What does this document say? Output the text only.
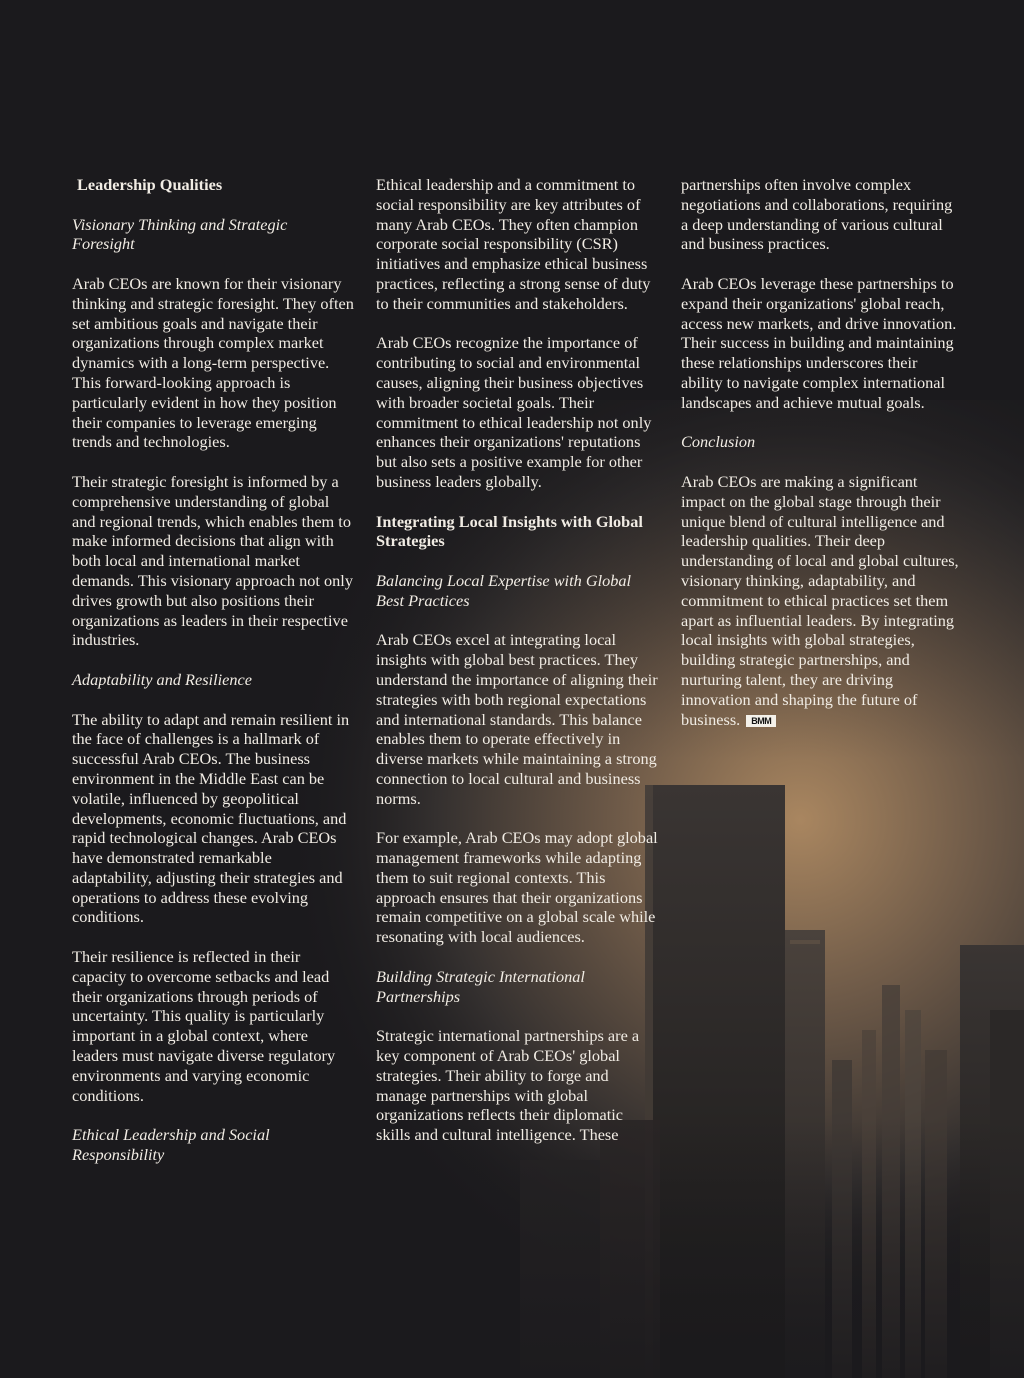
Leadership Qualities
Visionary Thinking and Strategic Foresight

Arab CEOs are known for their visionary thinking and strategic foresight. They often set ambitious goals and navigate their organizations through complex market dynamics with a long-term perspective. This forward-looking approach is particularly evident in how they position their companies to leverage emerging trends and technologies.

Their strategic foresight is informed by a comprehensive understanding of global and regional trends, which enables them to make informed decisions that align with both local and international market demands. This visionary approach not only drives growth but also positions their organizations as leaders in their respective industries.

Adaptability and Resilience

The ability to adapt and remain resilient in the face of challenges is a hallmark of successful Arab CEOs. The business environment in the Middle East can be volatile, influenced by geopolitical developments, economic fluctuations, and rapid technological changes. Arab CEOs have demonstrated remarkable adaptability, adjusting their strategies and operations to address these evolving conditions.

Their resilience is reflected in their capacity to overcome setbacks and lead their organizations through periods of uncertainty. This quality is particularly important in a global context, where leaders must navigate diverse regulatory environments and varying economic conditions.

Ethical Leadership and Social Responsibility

Ethical leadership and a commitment to social responsibility are key attributes of many Arab CEOs. They often champion corporate social responsibility (CSR) initiatives and emphasize ethical business practices, reflecting a strong sense of duty to their communities and stakeholders.

Arab CEOs recognize the importance of contributing to social and environmental causes, aligning their business objectives with broader societal goals. Their commitment to ethical leadership not only enhances their organizations' reputations but also sets a positive example for other business leaders globally.

Integrating Local Insights with Global Strategies
Balancing Local Expertise with Global Best Practices

Arab CEOs excel at integrating local insights with global best practices. They understand the importance of aligning their strategies with both regional expectations and international standards. This balance enables them to operate effectively in diverse markets while maintaining a strong connection to local cultural and business norms.

For example, Arab CEOs may adopt global management frameworks while adapting them to suit regional contexts. This approach ensures that their organizations remain competitive on a global scale while resonating with local audiences.

Building Strategic International Partnerships

Strategic international partnerships are a key component of Arab CEOs' global strategies. Their ability to forge and manage partnerships with global organizations reflects their diplomatic skills and cultural intelligence. These

partnerships often involve complex negotiations and collaborations, requiring a deep understanding of various cultural and business practices.

Arab CEOs leverage these partnerships to expand their organizations' global reach, access new markets, and drive innovation. Their success in building and maintaining these relationships underscores their ability to navigate complex international landscapes and achieve mutual goals.

Conclusion

Arab CEOs are making a significant impact on the global stage through their unique blend of cultural intelligence and leadership qualities. Their deep understanding of local and global cultures, visionary thinking, adaptability, and commitment to ethical practices set them apart as influential leaders. By integrating local insights with global strategies, building strategic partnerships, and nurturing talent, they are driving innovation and shaping the future of business. BMM
